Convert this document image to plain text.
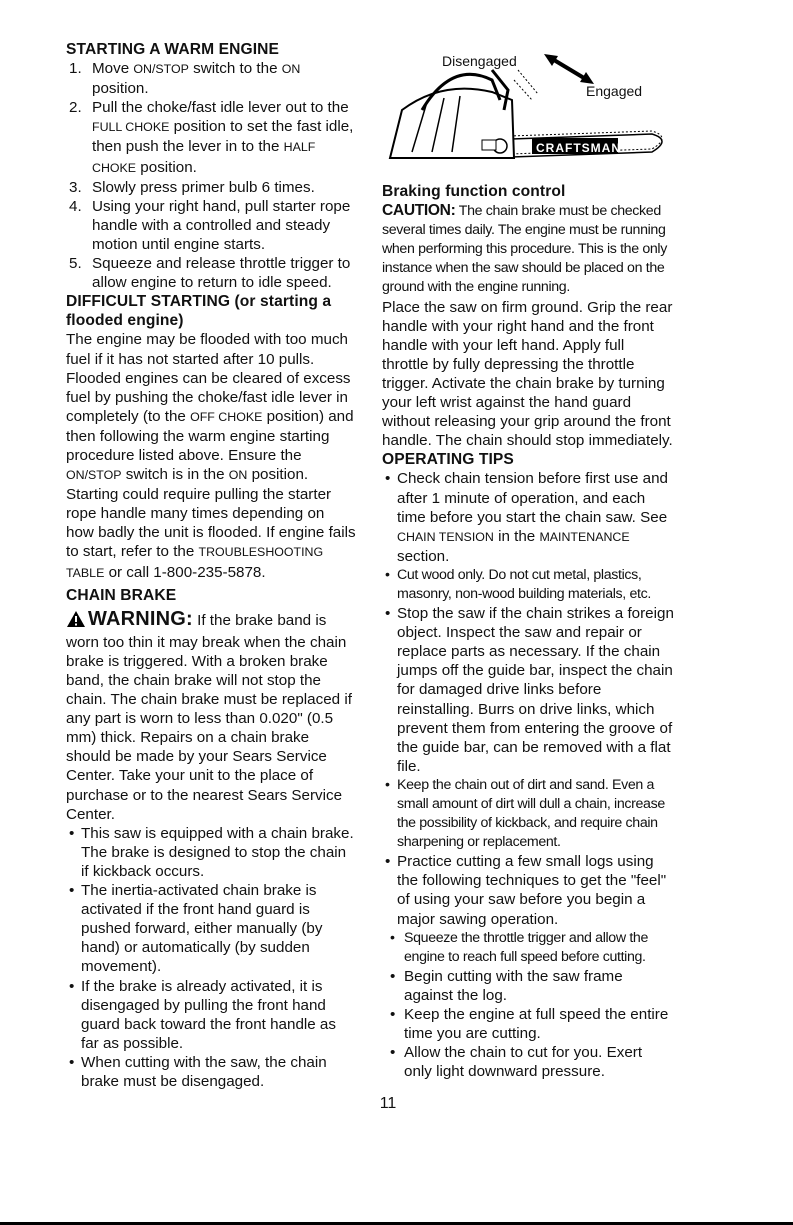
STARTING A WARM ENGINE
1. Move ON/STOP switch to the ON position.
2. Pull the choke/fast idle lever out to the FULL CHOKE position to set the fast idle, then push the lever in to the HALF CHOKE position.
3. Slowly press primer bulb 6 times.
4. Using your right hand, pull starter rope handle with a controlled and steady motion until engine starts.
5. Squeeze and release throttle trigger to allow engine to return to idle speed.
DIFFICULT STARTING (or starting a flooded engine)

The engine may be flooded with too much fuel if it has not started after 10 pulls.

Flooded engines can be cleared of excess fuel by pushing the choke/fast idle lever in completely (to the OFF CHOKE position) and then following the warm engine starting procedure listed above. Ensure the ON/STOP switch is in the ON position.

Starting could require pulling the starter rope handle many times depending on how badly the unit is flooded. If engine fails to start, refer to the TROUBLESHOOTING TABLE or call 1-800-235-5878.

CHAIN BRAKE

WARNING: If the brake band is worn too thin it may break when the chain brake is triggered. With a broken brake band, the chain brake will not stop the chain. The chain brake must be replaced if any part is worn to less than 0.020" (0.5 mm) thick. Repairs on a chain brake should be made by your Sears Service Center. Take your unit to the place of purchase or to the nearest Sears Service Center.

• This saw is equipped with a chain brake. The brake is designed to stop the chain if kickback occurs.
• The inertia-activated chain brake is activated if the front hand guard is pushed forward, either manually (by hand) or automatically (by sudden movement).
• If the brake is already activated, it is disengaged by pulling the front hand guard back toward the front handle as far as possible.
• When cutting with the saw, the chain brake must be disengaged.
Disengaged
Engaged
CRAFTSMAN
Braking function control

CAUTION: The chain brake must be checked several times daily. The engine must be running when performing this procedure. This is the only instance when the saw should be placed on the ground with the engine running.

Place the saw on firm ground. Grip the rear handle with your right hand and the front handle with your left hand. Apply full throttle by fully depressing the throttle trigger. Activate the chain brake by turning your left wrist against the hand guard without releasing your grip around the front handle. The chain should stop immediately.

OPERATING TIPS
• Check chain tension before first use and after 1 minute of operation, and each time before you start the chain saw. See CHAIN TENSION in the MAINTENANCE section.
• Cut wood only. Do not cut metal, plastics, masonry, non-wood building materials, etc.
• Stop the saw if the chain strikes a foreign object. Inspect the saw and repair or replace parts as necessary. If the chain jumps off the guide bar, inspect the chain for damaged drive links before reinstalling. Burrs on drive links, which prevent them from entering the groove of the guide bar, can be removed with a flat file.
• Keep the chain out of dirt and sand. Even a small amount of dirt will dull a chain, increase the possibility of kickback, and require chain sharpening or replacement.
• Practice cutting a few small logs using the following techniques to get the "feel" of using your saw before you begin a major sawing operation.
• Squeeze the throttle trigger and allow the engine to reach full speed before cutting.
• Begin cutting with the saw frame against the log.
• Keep the engine at full speed the entire time you are cutting.
• Allow the chain to cut for you. Exert only light downward pressure.
11
